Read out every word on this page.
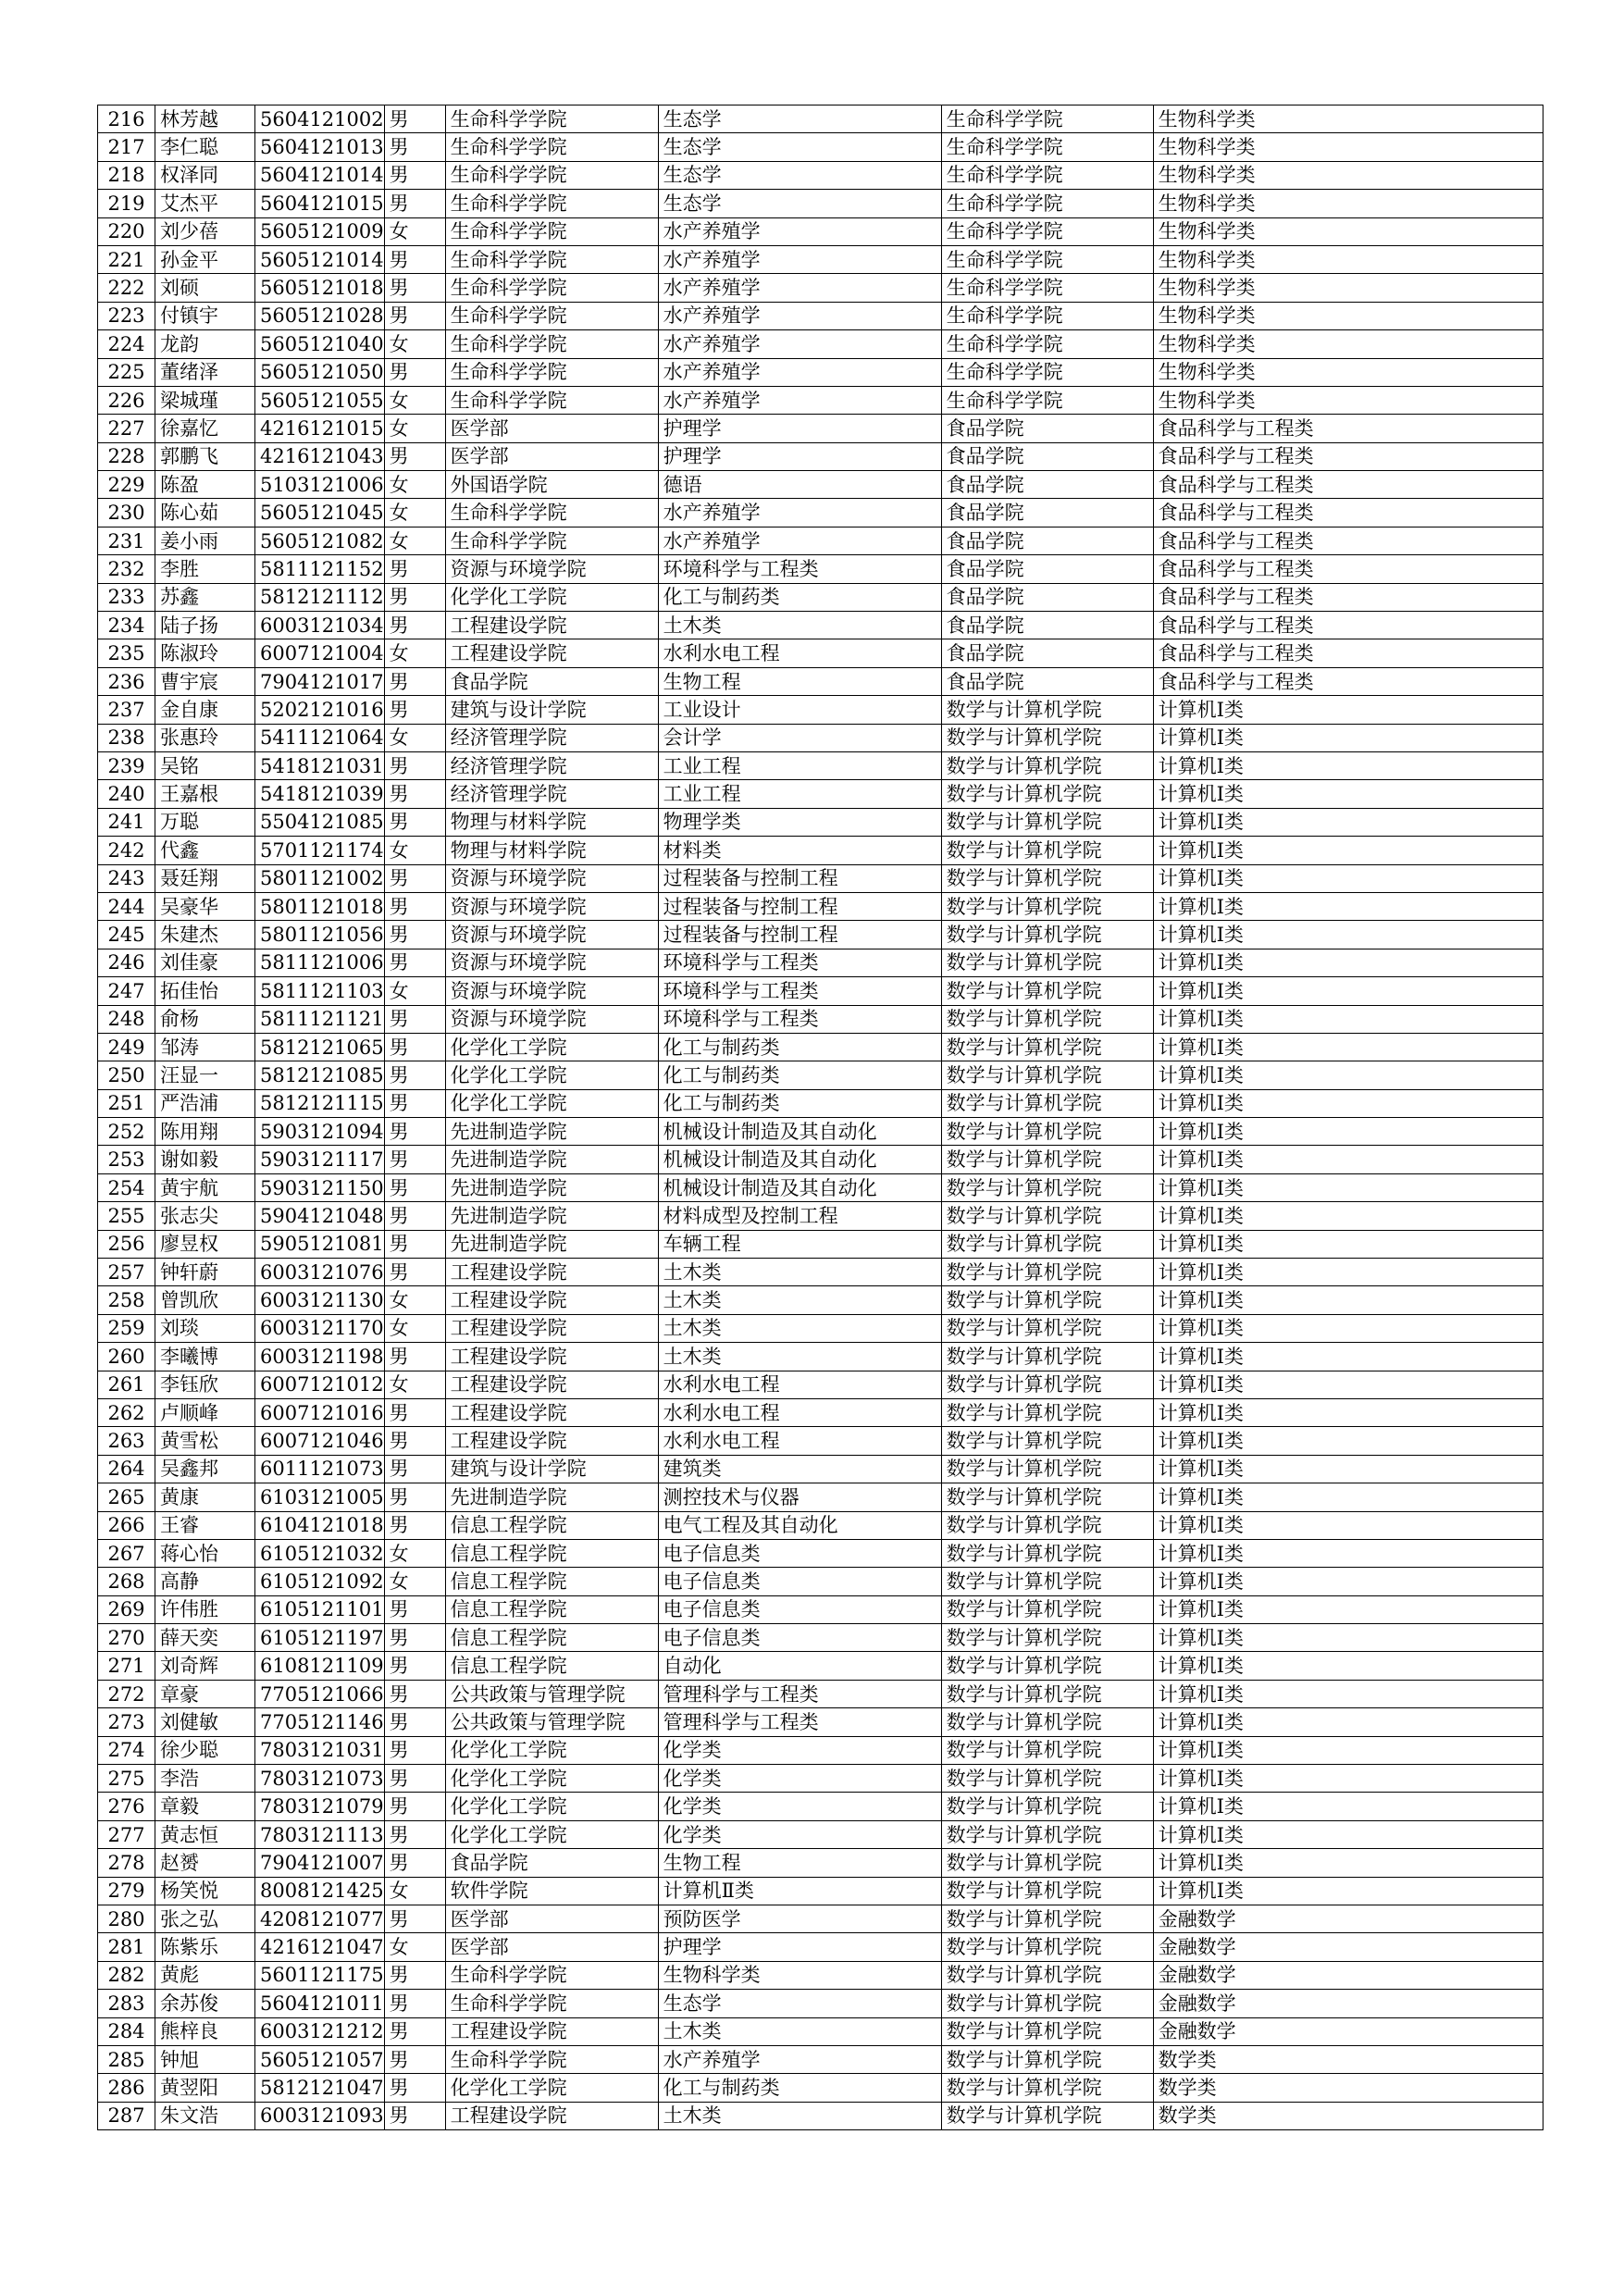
216	林芳越	5604121002	男	生命科学学院	生态学	生命科学学院	生物科学类
217	李仁聪	5604121013	男	生命科学学院	生态学	生命科学学院	生物科学类
218	权泽同	5604121014	男	生命科学学院	生态学	生命科学学院	生物科学类
219	艾杰平	5604121015	男	生命科学学院	生态学	生命科学学院	生物科学类
220	刘少蓓	5605121009	女	生命科学学院	水产养殖学	生命科学学院	生物科学类
221	孙金平	5605121014	男	生命科学学院	水产养殖学	生命科学学院	生物科学类
222	刘硕	5605121018	男	生命科学学院	水产养殖学	生命科学学院	生物科学类
223	付镇宇	5605121028	男	生命科学学院	水产养殖学	生命科学学院	生物科学类
224	龙韵	5605121040	女	生命科学学院	水产养殖学	生命科学学院	生物科学类
225	董绪泽	5605121050	男	生命科学学院	水产养殖学	生命科学学院	生物科学类
226	梁城瑾	5605121055	女	生命科学学院	水产养殖学	生命科学学院	生物科学类
227	徐嘉忆	4216121015	女	医学部	护理学	食品学院	食品科学与工程类
228	郭鹏飞	4216121043	男	医学部	护理学	食品学院	食品科学与工程类
229	陈盈	5103121006	女	外国语学院	德语	食品学院	食品科学与工程类
230	陈心茹	5605121045	女	生命科学学院	水产养殖学	食品学院	食品科学与工程类
231	姜小雨	5605121082	女	生命科学学院	水产养殖学	食品学院	食品科学与工程类
232	李胜	5811121152	男	资源与环境学院	环境科学与工程类	食品学院	食品科学与工程类
233	苏鑫	5812121112	男	化学化工学院	化工与制药类	食品学院	食品科学与工程类
234	陆子扬	6003121034	男	工程建设学院	土木类	食品学院	食品科学与工程类
235	陈淑玲	6007121004	女	工程建设学院	水利水电工程	食品学院	食品科学与工程类
236	曹宇宸	7904121017	男	食品学院	生物工程	食品学院	食品科学与工程类
237	金自康	5202121016	男	建筑与设计学院	工业设计	数学与计算机学院	计算机Ⅰ类
238	张惠玲	5411121064	女	经济管理学院	会计学	数学与计算机学院	计算机Ⅰ类
239	吴铭	5418121031	男	经济管理学院	工业工程	数学与计算机学院	计算机Ⅰ类
240	王嘉根	5418121039	男	经济管理学院	工业工程	数学与计算机学院	计算机Ⅰ类
241	万聪	5504121085	男	物理与材料学院	物理学类	数学与计算机学院	计算机Ⅰ类
242	代鑫	5701121174	女	物理与材料学院	材料类	数学与计算机学院	计算机Ⅰ类
243	聂廷翔	5801121002	男	资源与环境学院	过程装备与控制工程	数学与计算机学院	计算机Ⅰ类
244	吴豪华	5801121018	男	资源与环境学院	过程装备与控制工程	数学与计算机学院	计算机Ⅰ类
245	朱建杰	5801121056	男	资源与环境学院	过程装备与控制工程	数学与计算机学院	计算机Ⅰ类
246	刘佳豪	5811121006	男	资源与环境学院	环境科学与工程类	数学与计算机学院	计算机Ⅰ类
247	拓佳怡	5811121103	女	资源与环境学院	环境科学与工程类	数学与计算机学院	计算机Ⅰ类
248	俞杨	5811121121	男	资源与环境学院	环境科学与工程类	数学与计算机学院	计算机Ⅰ类
249	邹涛	5812121065	男	化学化工学院	化工与制药类	数学与计算机学院	计算机Ⅰ类
250	汪显一	5812121085	男	化学化工学院	化工与制药类	数学与计算机学院	计算机Ⅰ类
251	严浩浦	5812121115	男	化学化工学院	化工与制药类	数学与计算机学院	计算机Ⅰ类
252	陈用翔	5903121094	男	先进制造学院	机械设计制造及其自动化	数学与计算机学院	计算机Ⅰ类
253	谢如毅	5903121117	男	先进制造学院	机械设计制造及其自动化	数学与计算机学院	计算机Ⅰ类
254	黄宇航	5903121150	男	先进制造学院	机械设计制造及其自动化	数学与计算机学院	计算机Ⅰ类
255	张志尖	5904121048	男	先进制造学院	材料成型及控制工程	数学与计算机学院	计算机Ⅰ类
256	廖昱权	5905121081	男	先进制造学院	车辆工程	数学与计算机学院	计算机Ⅰ类
257	钟轩蔚	6003121076	男	工程建设学院	土木类	数学与计算机学院	计算机Ⅰ类
258	曾凯欣	6003121130	女	工程建设学院	土木类	数学与计算机学院	计算机Ⅰ类
259	刘琰	6003121170	女	工程建设学院	土木类	数学与计算机学院	计算机Ⅰ类
260	李曦博	6003121198	男	工程建设学院	土木类	数学与计算机学院	计算机Ⅰ类
261	李钰欣	6007121012	女	工程建设学院	水利水电工程	数学与计算机学院	计算机Ⅰ类
262	卢顺峰	6007121016	男	工程建设学院	水利水电工程	数学与计算机学院	计算机Ⅰ类
263	黄雪松	6007121046	男	工程建设学院	水利水电工程	数学与计算机学院	计算机Ⅰ类
264	吴鑫邦	6011121073	男	建筑与设计学院	建筑类	数学与计算机学院	计算机Ⅰ类
265	黄康	6103121005	男	先进制造学院	测控技术与仪器	数学与计算机学院	计算机Ⅰ类
266	王睿	6104121018	男	信息工程学院	电气工程及其自动化	数学与计算机学院	计算机Ⅰ类
267	蒋心怡	6105121032	女	信息工程学院	电子信息类	数学与计算机学院	计算机Ⅰ类
268	高静	6105121092	女	信息工程学院	电子信息类	数学与计算机学院	计算机Ⅰ类
269	许伟胜	6105121101	男	信息工程学院	电子信息类	数学与计算机学院	计算机Ⅰ类
270	薛天奕	6105121197	男	信息工程学院	电子信息类	数学与计算机学院	计算机Ⅰ类
271	刘奇辉	6108121109	男	信息工程学院	自动化	数学与计算机学院	计算机Ⅰ类
272	章豪	7705121066	男	公共政策与管理学院	管理科学与工程类	数学与计算机学院	计算机Ⅰ类
273	刘健敏	7705121146	男	公共政策与管理学院	管理科学与工程类	数学与计算机学院	计算机Ⅰ类
274	徐少聪	7803121031	男	化学化工学院	化学类	数学与计算机学院	计算机Ⅰ类
275	李浩	7803121073	男	化学化工学院	化学类	数学与计算机学院	计算机Ⅰ类
276	章毅	7803121079	男	化学化工学院	化学类	数学与计算机学院	计算机Ⅰ类
277	黄志恒	7803121113	男	化学化工学院	化学类	数学与计算机学院	计算机Ⅰ类
278	赵赟	7904121007	男	食品学院	生物工程	数学与计算机学院	计算机Ⅰ类
279	杨笑悦	8008121425	女	软件学院	计算机Ⅱ类	数学与计算机学院	计算机Ⅰ类
280	张之弘	4208121077	男	医学部	预防医学	数学与计算机学院	金融数学
281	陈紫乐	4216121047	女	医学部	护理学	数学与计算机学院	金融数学
282	黄彪	5601121175	男	生命科学学院	生物科学类	数学与计算机学院	金融数学
283	余苏俊	5604121011	男	生命科学学院	生态学	数学与计算机学院	金融数学
284	熊梓良	6003121212	男	工程建设学院	土木类	数学与计算机学院	金融数学
285	钟旭	5605121057	男	生命科学学院	水产养殖学	数学与计算机学院	数学类
286	黄翌阳	5812121047	男	化学化工学院	化工与制药类	数学与计算机学院	数学类
287	朱文浩	6003121093	男	工程建设学院	土木类	数学与计算机学院	数学类
